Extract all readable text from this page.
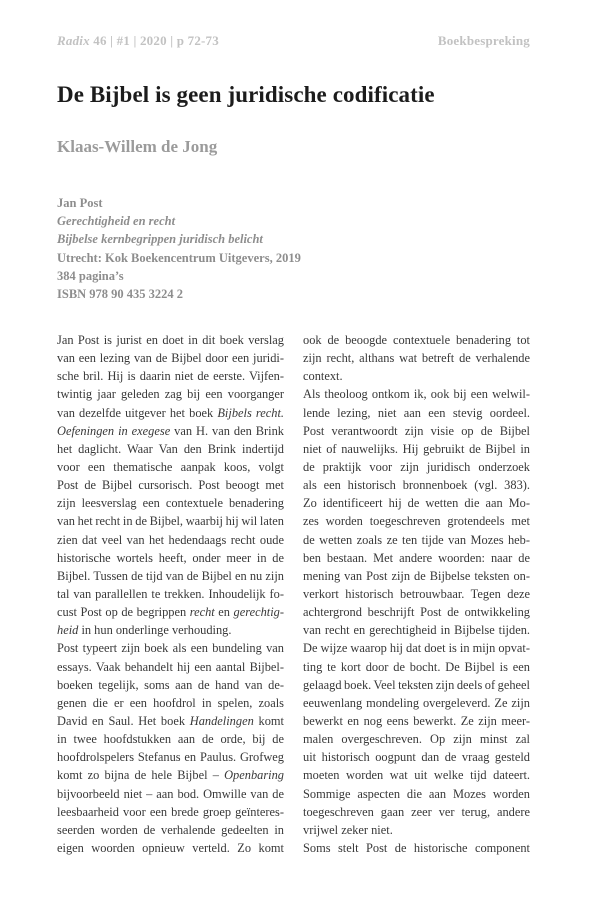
Radix 46 | #1 | 2020 | p 72-73	Boekbespreking
De Bijbel is geen juridische codificatie
Klaas-Willem de Jong
Jan Post
Gerechtigheid en recht
Bijbelse kernbegrippen juridisch belicht
Utrecht: Kok Boekencentrum Uitgevers, 2019
384 pagina’s
ISBN 978 90 435 3224 2
Jan Post is jurist en doet in dit boek verslag
van een lezing van de Bijbel door een juridi-
sche bril. Hij is daarin niet de eerste. Vijfen-
twintig jaar geleden zag bij een voorganger
van dezelfde uitgever het boek Bijbels recht.
Oefeningen in exegese van H. van den Brink
het daglicht. Waar Van den Brink indertijd
voor een thematische aanpak koos, volgt
Post de Bijbel cursorisch. Post beoogt met
zijn leesverslag een contextuele benadering
van het recht in de Bijbel, waarbij hij wil laten
zien dat veel van het hedendaags recht oude
historische wortels heeft, onder meer in de
Bijbel. Tussen de tijd van de Bijbel en nu zijn
tal van parallellen te trekken. Inhoudelijk fo-
cust Post op de begrippen recht en gerechtig-
heid in hun onderlinge verhouding.
Post typeert zijn boek als een bundeling van
essays. Vaak behandelt hij een aantal Bijbel-
boeken tegelijk, soms aan de hand van de-
genen die er een hoofdrol in spelen, zoals
David en Saul. Het boek Handelingen komt
in twee hoofdstukken aan de orde, bij de
hoofdrolspelers Stefanus en Paulus. Grofweg
komt zo bijna de hele Bijbel – Openbaring
bijvoorbeeld niet – aan bod. Omwille van de
leesbaarheid voor een brede groep geïnteres-
seerden worden de verhalende gedeelten in
eigen woorden opnieuw verteld. Zo komt
ook de beoogde contextuele benadering tot
zijn recht, althans wat betreft de verhalende
context.
Als theoloog ontkom ik, ook bij een welwil-
lende lezing, niet aan een stevig oordeel.
Post verantwoordt zijn visie op de Bijbel
niet of nauwelijks. Hij gebruikt de Bijbel in
de praktijk voor zijn juridisch onderzoek
als een historisch bronnenboek (vgl. 383).
Zo identificeert hij de wetten die aan Mo-
zes worden toegeschreven grotendeels met
de wetten zoals ze ten tijde van Mozes heb-
ben bestaan. Met andere woorden: naar de
mening van Post zijn de Bijbelse teksten on-
verkort historisch betrouwbaar. Tegen deze
achtergrond beschrijft Post de ontwikkeling
van recht en gerechtigheid in Bijbelse tijden.
De wijze waarop hij dat doet is in mijn opvat-
ting te kort door de bocht. De Bijbel is een
gelaagd boek. Veel teksten zijn deels of geheel
eeuwenlang mondeling overgeleverd. Ze zijn
bewerkt en nog eens bewerkt. Ze zijn meer-
malen overgeschreven. Op zijn minst zal
uit historisch oogpunt dan de vraag gesteld
moeten worden wat uit welke tijd dateert.
Sommige aspecten die aan Mozes worden
toegeschreven gaan zeer ver terug, andere
vrijwel zeker niet.
Soms stelt Post de historische component
